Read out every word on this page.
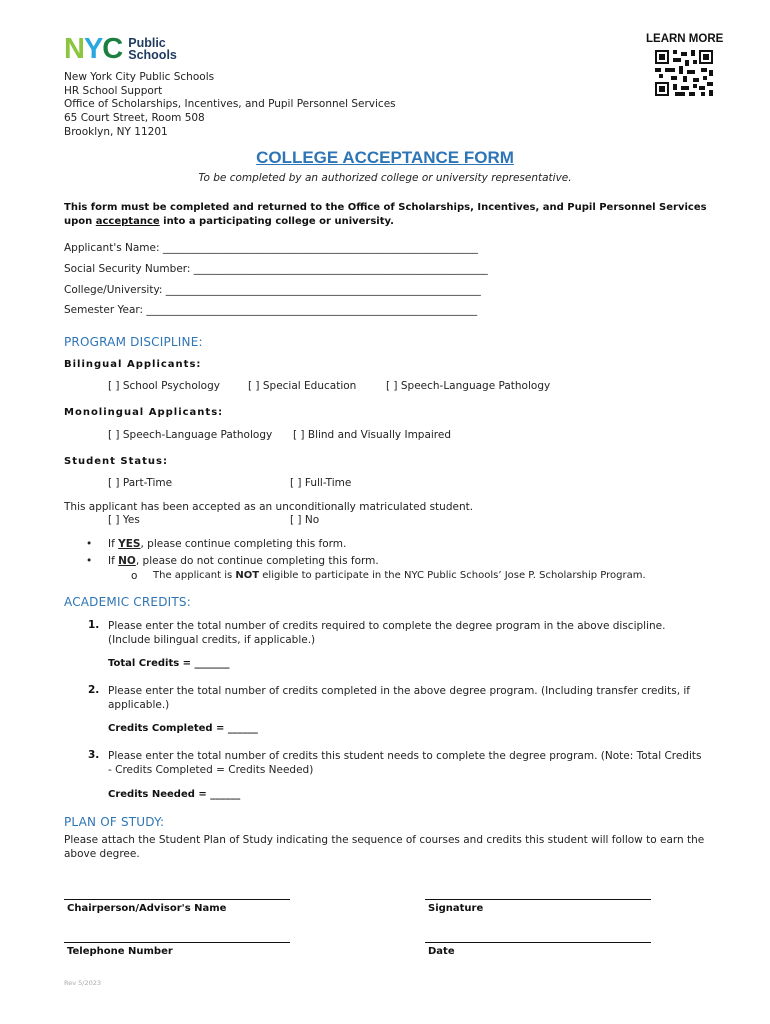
NYC Public
Schools
LEARN MORE
New York City Public Schools
HR School Support
Office of Scholarships, Incentives, and Pupil Personnel Services
65 Court Street, Room 508
Brooklyn, NY 11201
COLLEGE ACCEPTANCE FORM
To be completed by an authorized college or university representative.
This form must be completed and returned to the Office of Scholarships, Incentives, and Pupil Personnel Services
upon acceptance into a participating college or university.
Applicant's Name: ____________________________________________________________
Social Security Number: ________________________________________________________
College/University: ____________________________________________________________
Semester Year: _______________________________________________________________
PROGRAM DISCIPLINE:
Bilingual Applicants:
[ ] School Psychology	[ ] Special Education	[ ] Speech-Language Pathology
Monolingual Applicants:
[ ] Speech-Language Pathology [ ] Blind and Visually Impaired
Student Status:
[ ] Part-Time	[ ] Full-Time
This applicant has been accepted as an unconditionally matriculated student.
[ ] Yes	[ ] No
• If YES, please continue completing this form.
• If NO, please do not continue completing this form.
o The applicant is NOT eligible to participate in the NYC Public Schools’ Jose P. Scholarship Program.
ACADEMIC CREDITS:
1. Please enter the total number of credits required to complete the degree program in the above discipline. (Include bilingual credits, if applicable.)
Total Credits = _______
2. Please enter the total number of credits completed in the above degree program. (Including transfer credits, if applicable.)
Credits Completed = ______
3. Please enter the total number of credits this student needs to complete the degree program. (Note: Total Credits - Credits Completed = Credits Needed)
Credits Needed = ______
PLAN OF STUDY:
Please attach the Student Plan of Study indicating the sequence of courses and credits this student will follow to earn the above degree.
Chairperson/Advisor's Name	Signature
Telephone Number	Date
Rev 5/2023
